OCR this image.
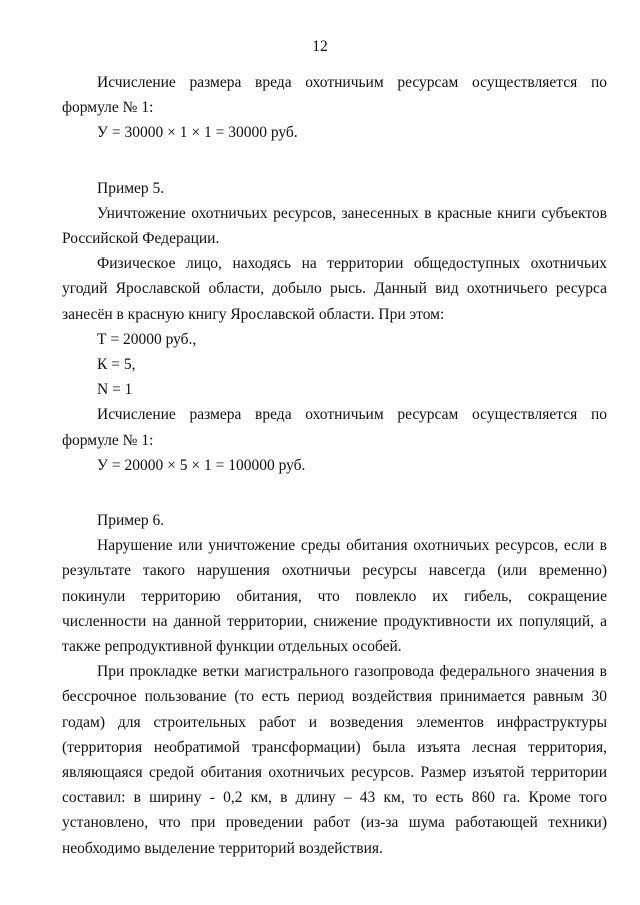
12

Исчисление размера вреда охотничьим ресурсам осуществляется по формуле № 1:

У = 30000 × 1 × 1 = 30000 руб.

Пример 5.

Уничтожение охотничьих ресурсов, занесенных в красные книги субъектов Российской Федерации.

Физическое лицо, находясь на территории общедоступных охотничьих угодий Ярославской области, добыло рысь. Данный вид охотничьего ресурса занесён в красную книгу Ярославской области. При этом:

Т = 20000 руб.,

К = 5,

N = 1

Исчисление размера вреда охотничьим ресурсам осуществляется по формуле № 1:

У = 20000 × 5 × 1 = 100000 руб.

Пример 6.

Нарушение или уничтожение среды обитания охотничьих ресурсов, если в результате такого нарушения охотничьи ресурсы навсегда (или временно) покинули территорию обитания, что повлекло их гибель, сокращение численности на данной территории, снижение продуктивности их популяций, а также репродуктивной функции отдельных особей.

При прокладке ветки магистрального газопровода федерального значения в бессрочное пользование (то есть период воздействия принимается равным 30 годам) для строительных работ и возведения элементов инфраструктуры (территория необратимой трансформации) была изъята лесная территория, являющаяся средой обитания охотничьих ресурсов. Размер изъятой территории составил: в ширину - 0,2 км, в длину – 43 км, то есть 860 га. Кроме того установлено, что при проведении работ (из-за шума работающей техники) необходимо выделение территорий воздействия.
